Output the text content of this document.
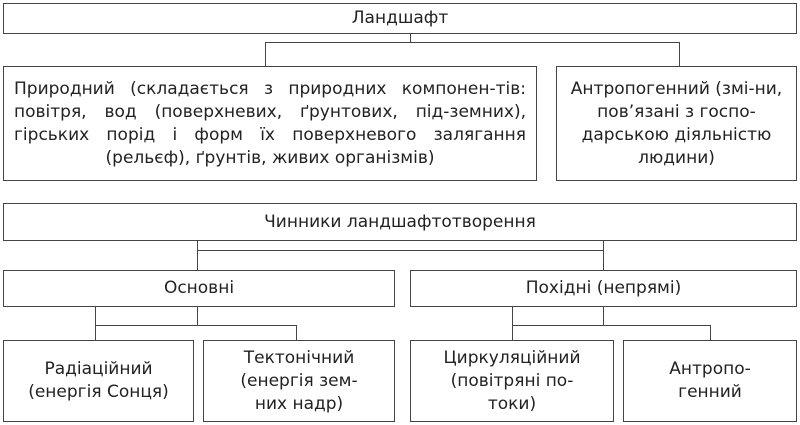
Ландшафт
Природний (складається з природних компонен-тів: повітря, вод (поверхневих, ґрунтових, під-земних), гірських порід і форм їх поверхневого залягання (рельєф), ґрунтів, живих організмів)
Антропогенний (змі-ни, пов’язані з госпо-дарською діяльністю людини)
Чинники ландшафтотворення
Основні	Похідні (непрямі)
Радіаційний (енергія Сонця)
Тектонічний (енергія зем-них надр)
Циркуляційний (повітряні по-токи)
Антропо-генний
